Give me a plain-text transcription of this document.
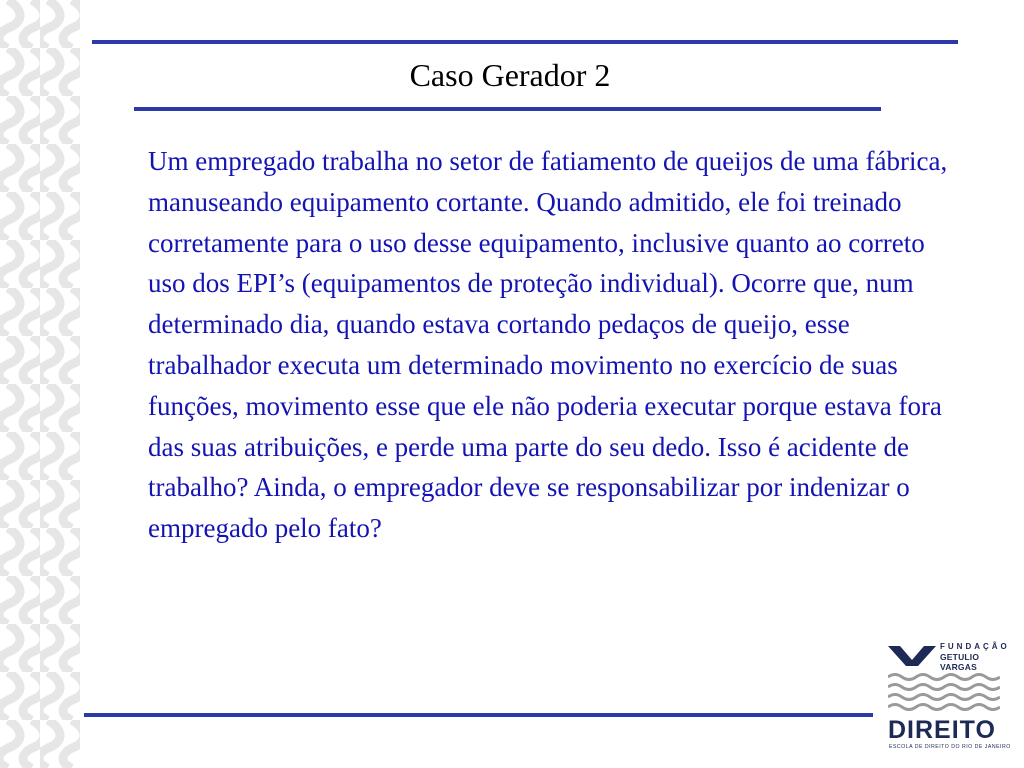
Caso Gerador 2

Um empregado trabalha no setor de fatiamento de queijos de uma fábrica, manuseando equipamento cortante. Quando admitido, ele foi treinado corretamente para o uso desse equipamento, inclusive quanto ao correto uso dos EPI’s (equipamentos de proteção individual). Ocorre que, num determinado dia, quando estava cortando pedaços de queijo, esse trabalhador executa um determinado movimento no exercício de suas funções, movimento esse que ele não poderia executar porque estava fora das suas atribuições, e perde uma parte do seu dedo. Isso é acidente de trabalho? Ainda, o empregador deve se responsabilizar por indenizar o empregado pelo fato?

FUNDAÇÃO
GETULIO VARGAS
DIREITO
ESCOLA DE DIREITO DO RIO DE JANEIRO
